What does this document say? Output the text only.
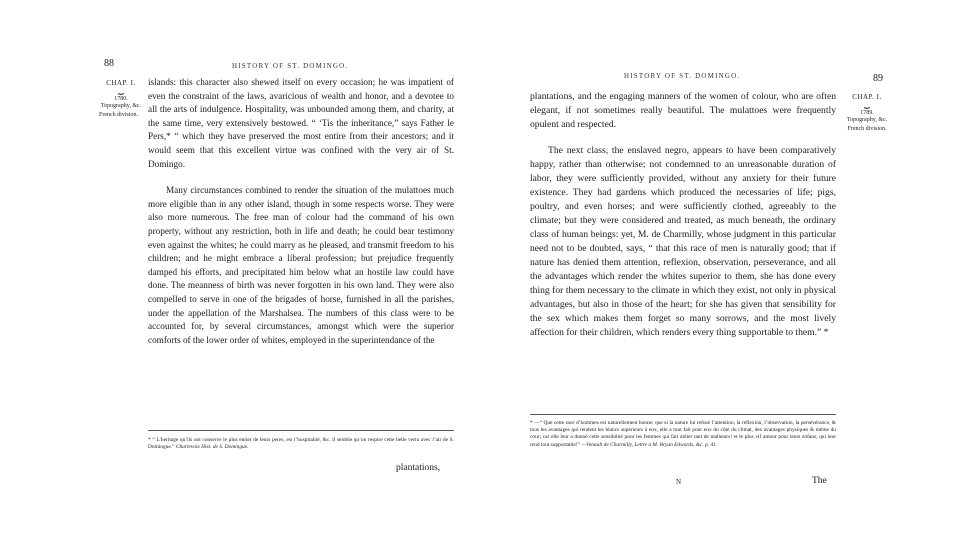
88	HISTORY OF ST. DOMINGO.
CHAP. I.
⏟
1780.
Topography, &c.
French division.

islands: this character also shewed itself on every occasion; he was impatient of even the constraint of the laws, avaricious of wealth and honor, and a devotee to all the arts of indulgence. Hospitality, was unbounded among them, and charity, at the same time, very extensively bestowed. “ ‘Tis the inheritance,” says Father le Pers,* “ which they have preserved the most entire from their ancestors; and it would seem that this excellent virtue was confined with the very air of St. Domingo.

Many circumstances combined to render the situation of the mulattoes much more eligible than in any other island, though in some respects worse. They were also more numerous. The free man of colour had the command of his own property, without any restriction, both in life and death; he could bear testimony even against the whites; he could marry as he pleased, and transmit freedom to his children; and he might embrace a liberal profession; but prejudice frequently damped his efforts, and precipitated him below what an hostile law could have done. The meanness of birth was never forgotten in his own land. They were also compelled to serve in one of the brigades of horse, furnished in all the parishes, under the appellation of the Marshalsea. The numbers of this class were to be accounted for, by several circumstances, amongst which were the superior comforts of the lower order of whites, employed in the superintendance of the

* “ L’heritage qu’ils ont conserve le plus entier de leurs peres, est l’hospitalité, &c. il semble qu’on respire cette belle vertu avec l’air de S. Domingue.” Charlevoix Hist. de S. Domingue.
plantations,
HISTORY OF ST. DOMINGO.	89
CHAP. I.
⏟
1789.
Topography, &c.
French division.

plantations, and the engaging manners of the women of colour, who are often elegant, if not sometimes really beautiful. The mulattoes were frequently opulent and respected.

The next class, the enslaved negro, appears to have been comparatively happy, rather than otherwise; not condemned to an unreasonable duration of labor, they were sufficiently provided, without any anxiety for their future existence. They had gardens which produced the necessaries of life; pigs, poultry, and even horses; and were sufficiently clothed, agreeably to the climate; but they were considered and treated, as much beneath, the ordinary class of human beings: yet, M. de Charmilly, whose judgment in this particular need not to be doubted, says, “ that this race of men is naturally good; that if nature has denied them attention, reflexion, observation, perseverance, and all the advantages which render the whites superior to them, she has done every thing for them necessary to the climate in which they exist, not only in physical advantages, but also in those of the heart; for she has given that sensibility for the sex which makes them forget so many sorrows, and the most lively affection for their children, which renders every thing supportable to them.” *

* —“ Que cette race d’hommes est naturellement bonne; que si la nature lui refusé l’attention, la réflexion, l’observation, la persévérance, & tous les avantages qui rendent les blancs supérieurs à eux, elle a tout fait pour eux du côté du climat, des avantages physiques & même du cour; car elle leur a donné cette sensibilité pour les femmes qui fait ublier tant de malheurs! et le plus vif amour pour leurs enfans, qui leur rend tout supportable!” —Venault de Charmilly, Lettre à M. Bryan Edwards, &c. p. 41.
N	The
